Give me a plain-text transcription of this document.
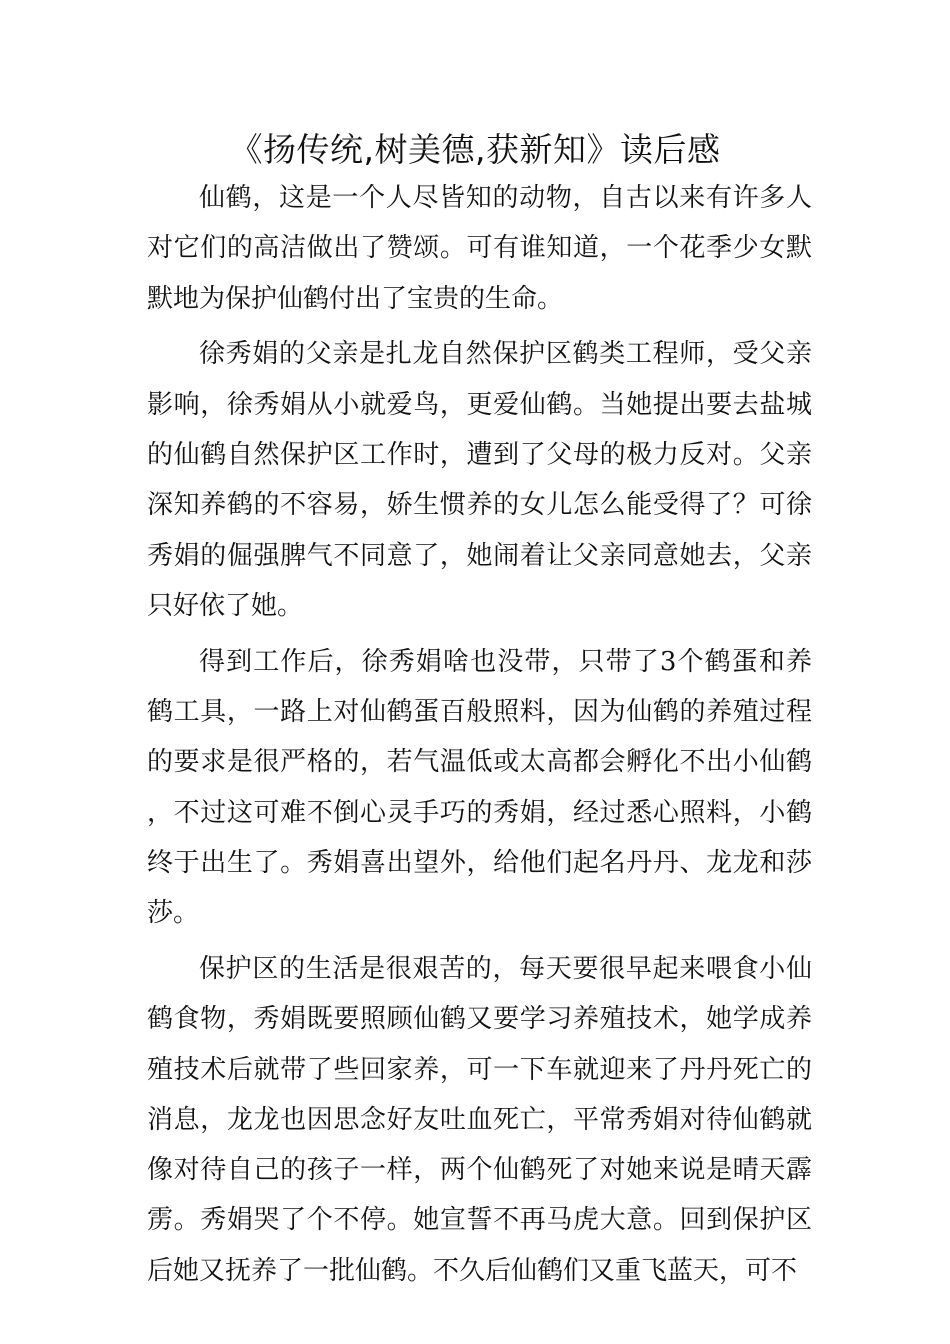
《扬传统,树美德,获新知》读后感

仙鹤，这是一个人尽皆知的动物，自古以来有许多人对它们的高洁做出了赞颂。可有谁知道，一个花季少女默默地为保护仙鹤付出了宝贵的生命。

徐秀娟的父亲是扎龙自然保护区鹤类工程师，受父亲影响，徐秀娟从小就爱鸟，更爱仙鹤。当她提出要去盐城的仙鹤自然保护区工作时，遭到了父母的极力反对。父亲深知养鹤的不容易，娇生惯养的女儿怎么能受得了？可徐秀娟的倔强脾气不同意了，她闹着让父亲同意她去，父亲只好依了她。

得到工作后，徐秀娟啥也没带，只带了3个鹤蛋和养鹤工具，一路上对仙鹤蛋百般照料，因为仙鹤的养殖过程的要求是很严格的，若气温低或太高都会孵化不出小仙鹤，不过这可难不倒心灵手巧的秀娟，经过悉心照料，小鹤终于出生了。秀娟喜出望外，给他们起名丹丹、龙龙和莎莎。

保护区的生活是很艰苦的，每天要很早起来喂食小仙鹤食物，秀娟既要照顾仙鹤又要学习养殖技术，她学成养殖技术后就带了些回家养，可一下车就迎来了丹丹死亡的消息，龙龙也因思念好友吐血死亡，平常秀娟对待仙鹤就像对待自己的孩子一样，两个仙鹤死了对她来说是晴天霹雳。秀娟哭了个不停。她宣誓不再马虎大意。回到保护区后她又抚养了一批仙鹤。不久后仙鹤们又重飞蓝天，可不
